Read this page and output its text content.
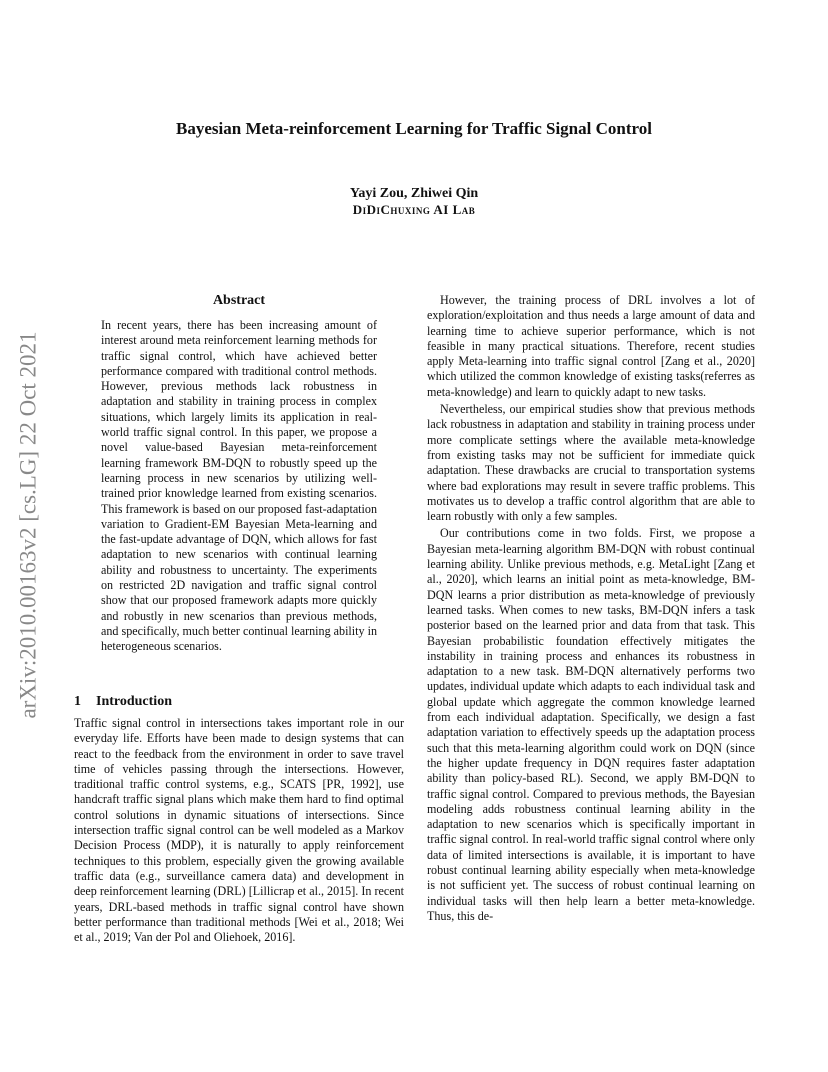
Bayesian Meta-reinforcement Learning for Traffic Signal Control
Yayi Zou, Zhiwei Qin
DiDiChuxing AI Lab
arXiv:2010.00163v2 [cs.LG] 22 Oct 2021
Abstract

In recent years, there has been increasing amount of interest around meta reinforcement learning methods for traffic signal control, which have achieved better performance compared with traditional control methods. However, previous methods lack robustness in adaptation and stability in training process in complex situations, which largely limits its application in real-world traffic signal control. In this paper, we propose a novel value-based Bayesian meta-reinforcement learning framework BM-DQN to robustly speed up the learning process in new scenarios by utilizing well-trained prior knowledge learned from existing scenarios. This framework is based on our proposed fast-adaptation variation to Gradient-EM Bayesian Meta-learning and the fast-update advantage of DQN, which allows for fast adaptation to new scenarios with continual learning ability and robustness to uncertainty. The experiments on restricted 2D navigation and traffic signal control show that our proposed framework adapts more quickly and robustly in new scenarios than previous methods, and specifically, much better continual learning ability in heterogeneous scenarios.

1 Introduction

Traffic signal control in intersections takes important role in our everyday life. Efforts have been made to design systems that can react to the feedback from the environment in order to save travel time of vehicles passing through the intersections. However, traditional traffic control systems, e.g., SCATS [PR, 1992], use handcraft traffic signal plans which make them hard to find optimal control solutions in dynamic situations of intersections. Since intersection traffic signal control can be well modeled as a Markov Decision Process (MDP), it is naturally to apply reinforcement techniques to this problem, especially given the growing available traffic data (e.g., surveillance camera data) and development in deep reinforcement learning (DRL) [Lillicrap et al., 2015]. In recent years, DRL-based methods in traffic signal control have shown better performance than traditional methods [Wei et al., 2018; Wei et al., 2019; Van der Pol and Oliehoek, 2016].

However, the training process of DRL involves a lot of exploration/exploitation and thus needs a large amount of data and learning time to achieve superior performance, which is not feasible in many practical situations. Therefore, recent studies apply Meta-learning into traffic signal control [Zang et al., 2020] which utilized the common knowledge of existing tasks(referres as meta-knowledge) and learn to quickly adapt to new tasks.

Nevertheless, our empirical studies show that previous methods lack robustness in adaptation and stability in training process under more complicate settings where the available meta-knowledge from existing tasks may not be sufficient for immediate quick adaptation. These drawbacks are crucial to transportation systems where bad explorations may result in severe traffic problems. This motivates us to develop a traffic control algorithm that are able to learn robustly with only a few samples.

Our contributions come in two folds. First, we propose a Bayesian meta-learning algorithm BM-DQN with robust continual learning ability. Unlike previous methods, e.g. MetaLight [Zang et al., 2020], which learns an initial point as meta-knowledge, BM-DQN learns a prior distribution as meta-knowledge of previously learned tasks. When comes to new tasks, BM-DQN infers a task posterior based on the learned prior and data from that task. This Bayesian probabilistic foundation effectively mitigates the instability in training process and enhances its robustness in adaptation to a new task. BM-DQN alternatively performs two updates, individual update which adapts to each individual task and global update which aggregate the common knowledge learned from each individual adaptation. Specifically, we design a fast adaptation variation to effectively speeds up the adaptation process such that this meta-learning algorithm could work on DQN (since the higher update frequency in DQN requires faster adaptation ability than policy-based RL). Second, we apply BM-DQN to traffic signal control. Compared to previous methods, the Bayesian modeling adds robustness continual learning ability in the adaptation to new scenarios which is specifically important in traffic signal control. In real-world traffic signal control where only data of limited intersections is available, it is important to have robust continual learning ability especially when meta-knowledge is not sufficient yet. The success of robust continual learning on individual tasks will then help learn a better meta-knowledge. Thus, this de-
